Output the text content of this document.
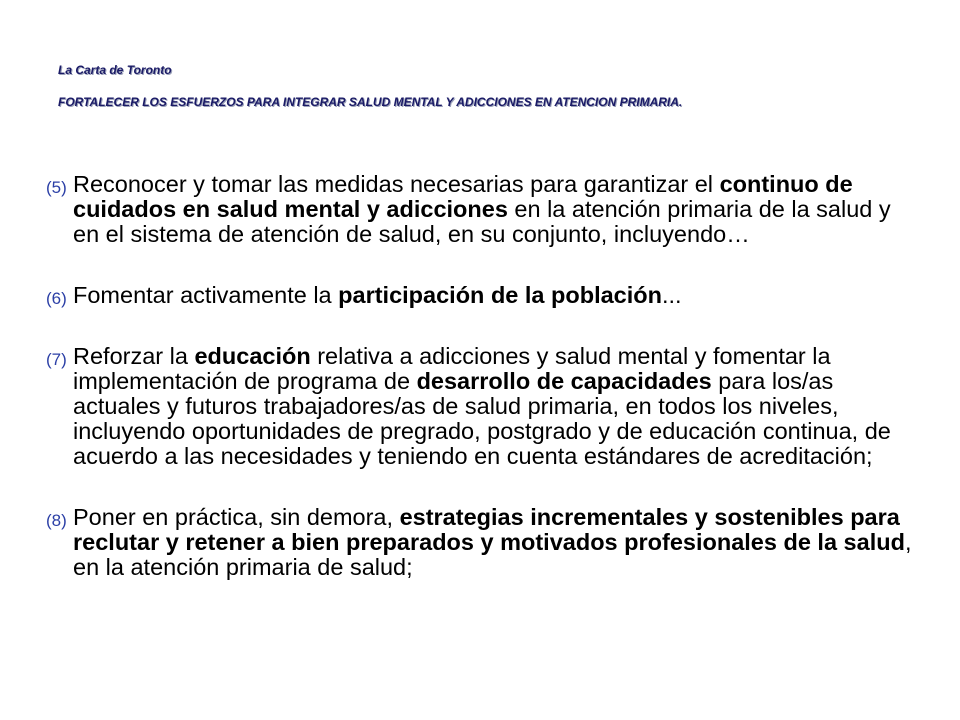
La Carta de Toronto
FORTALECER LOS ESFUERZOS PARA INTEGRAR SALUD MENTAL Y ADICCIONES EN ATENCION PRIMARIA.
(5) Reconocer y tomar las medidas necesarias para garantizar el continuo de cuidados en salud mental y adicciones en la atención primaria de la salud y en el sistema de atención de salud, en su conjunto, incluyendo…
(6) Fomentar activamente la participación de la población...
(7) Reforzar la educación relativa a adicciones y salud mental y fomentar la implementación de programa de desarrollo de capacidades para los/as actuales y futuros trabajadores/as de salud primaria, en todos los niveles, incluyendo oportunidades de pregrado, postgrado y de educación continua, de acuerdo a las necesidades y teniendo en cuenta estándares de acreditación;
(8) Poner en práctica, sin demora, estrategias incrementales y sostenibles para reclutar y retener a bien preparados y motivados profesionales de la salud, en la atención primaria de salud;
